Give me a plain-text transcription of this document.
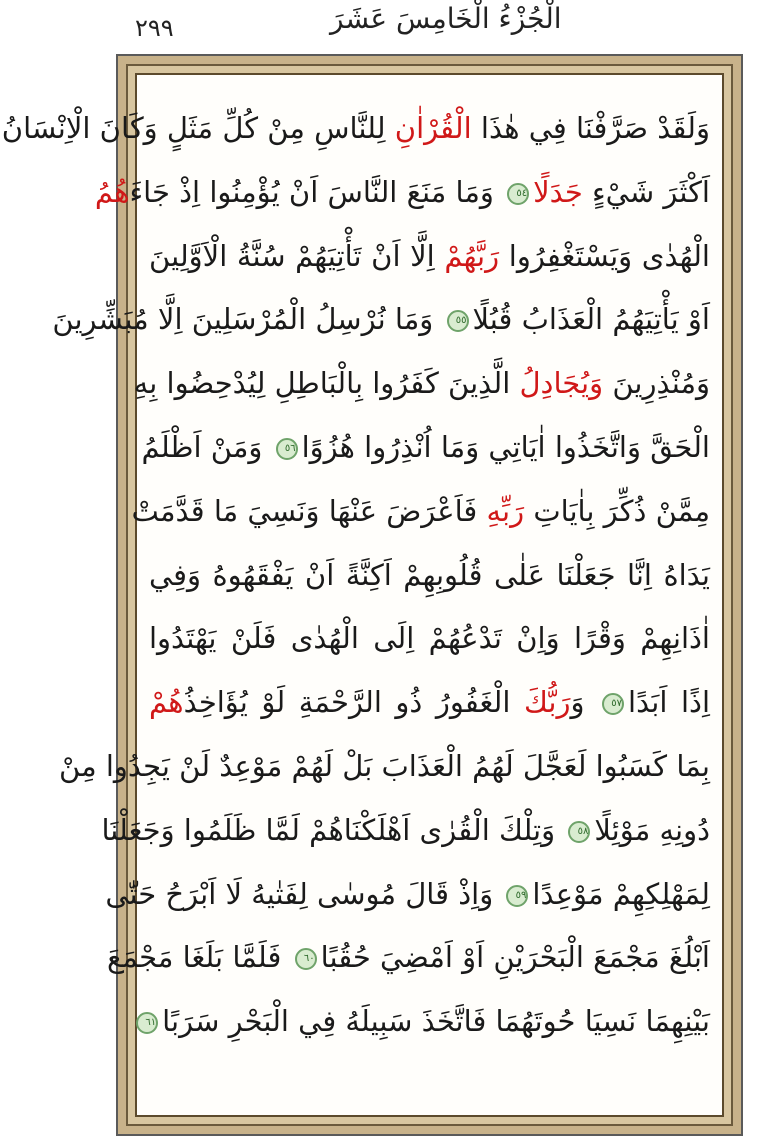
٢٩٩	الْجُزْءُ الْخَامِسَ عَشَرَ
وَلَقَدْ صَرَّفْنَا فِي هٰذَا الْقُرْاٰنِ لِلنَّاسِ مِنْ كُلِّ مَثَلٍ وَكَانَ الْاِنْسَانُ
اَكْثَرَ شَيْءٍ جَدَلًا٥٤ وَمَا مَنَعَ النَّاسَ اَنْ يُؤْمِنُوا اِذْ جَاءَهُمُ
الْهُدٰى وَيَسْتَغْفِرُوا رَبَّهُمْ اِلَّا اَنْ تَأْتِيَهُمْ سُنَّةُ الْاَوَّلِينَ
اَوْ يَأْتِيَهُمُ الْعَذَابُ قُبُلًا٥٥ وَمَا نُرْسِلُ الْمُرْسَلِينَ اِلَّا مُبَشِّرِينَ
وَمُنْذِرِينَ وَيُجَادِلُ الَّذِينَ كَفَرُوا بِالْبَاطِلِ لِيُدْحِضُوا بِهِ
الْحَقَّ وَاتَّخَذُوا اٰيَاتِي وَمَا اُنْذِرُوا هُزُوًا٥٦ وَمَنْ اَظْلَمُ
مِمَّنْ ذُكِّرَ بِاٰيَاتِ رَبِّهِ فَاَعْرَضَ عَنْهَا وَنَسِيَ مَا قَدَّمَتْ
يَدَاهُ اِنَّا جَعَلْنَا عَلٰى قُلُوبِهِمْ اَكِنَّةً اَنْ يَفْقَهُوهُ وَفِي
اٰذَانِهِمْ وَقْرًا وَاِنْ تَدْعُهُمْ اِلَى الْهُدٰى فَلَنْ يَهْتَدُوا
اِذًا اَبَدًا٥٧ وَرَبُّكَ الْغَفُورُ ذُو الرَّحْمَةِ لَوْ يُؤَاخِذُهُمْ
بِمَا كَسَبُوا لَعَجَّلَ لَهُمُ الْعَذَابَ بَلْ لَهُمْ مَوْعِدٌ لَنْ يَجِدُوا مِنْ
دُونِهِ مَوْئِلًا٥٨ وَتِلْكَ الْقُرٰى اَهْلَكْنَاهُمْ لَمَّا ظَلَمُوا وَجَعَلْنَا
لِمَهْلِكِهِمْ مَوْعِدًا٥٩ وَاِذْ قَالَ مُوسٰى لِفَتٰيهُ لَا اَبْرَحُ حَتّٰى
اَبْلُغَ مَجْمَعَ الْبَحْرَيْنِ اَوْ اَمْضِيَ حُقُبًا٦٠ فَلَمَّا بَلَغَا مَجْمَعَ
بَيْنِهِمَا نَسِيَا حُوتَهُمَا فَاتَّخَذَ سَبِيلَهُ فِي الْبَحْرِ سَرَبًا٦١
